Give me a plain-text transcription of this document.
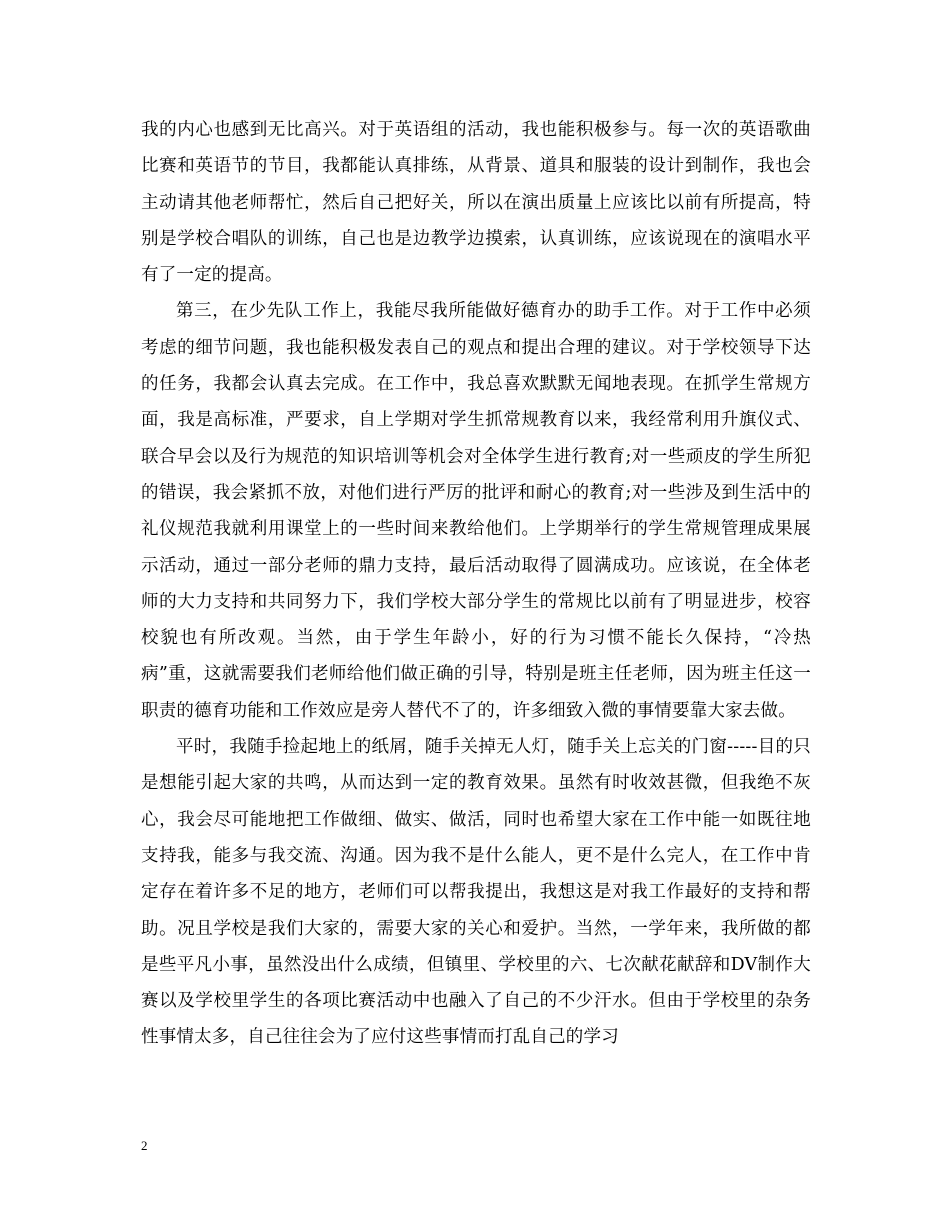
我的内心也感到无比高兴。对于英语组的活动，我也能积极参与。每一次的英语歌曲比赛和英语节的节目，我都能认真排练，从背景、道具和服装的设计到制作，我也会主动请其他老师帮忙，然后自己把好关，所以在演出质量上应该比以前有所提高，特别是学校合唱队的训练，自己也是边教学边摸索，认真训练，应该说现在的演唱水平有了一定的提高。

第三，在少先队工作上，我能尽我所能做好德育办的助手工作。对于工作中必须考虑的细节问题，我也能积极发表自己的观点和提出合理的建议。对于学校领导下达的任务，我都会认真去完成。在工作中，我总喜欢默默无闻地表现。在抓学生常规方面，我是高标准，严要求，自上学期对学生抓常规教育以来，我经常利用升旗仪式、联合早会以及行为规范的知识培训等机会对全体学生进行教育;对一些顽皮的学生所犯的错误，我会紧抓不放，对他们进行严厉的批评和耐心的教育;对一些涉及到生活中的礼仪规范我就利用课堂上的一些时间来教给他们。上学期举行的学生常规管理成果展示活动，通过一部分老师的鼎力支持，最后活动取得了圆满成功。应该说，在全体老师的大力支持和共同努力下，我们学校大部分学生的常规比以前有了明显进步，校容校貌也有所改观。当然，由于学生年龄小，好的行为习惯不能长久保持，“冷热病”重，这就需要我们老师给他们做正确的引导，特别是班主任老师，因为班主任这一职责的德育功能和工作效应是旁人替代不了的，许多细致入微的事情要靠大家去做。

平时，我随手捡起地上的纸屑，随手关掉无人灯，随手关上忘关的门窗-----目的只是想能引起大家的共鸣，从而达到一定的教育效果。虽然有时收效甚微，但我绝不灰心，我会尽可能地把工作做细、做实、做活，同时也希望大家在工作中能一如既往地支持我，能多与我交流、沟通。因为我不是什么能人，更不是什么完人，在工作中肯定存在着许多不足的地方，老师们可以帮我提出，我想这是对我工作最好的支持和帮助。况且学校是我们大家的，需要大家的关心和爱护。当然，一学年来，我所做的都是些平凡小事，虽然没出什么成绩，但镇里、学校里的六、七次献花献辞和DV制作大赛以及学校里学生的各项比赛活动中也融入了自己的不少汗水。但由于学校里的杂务性事情太多，自己往往会为了应付这些事情而打乱自己的学习

2
